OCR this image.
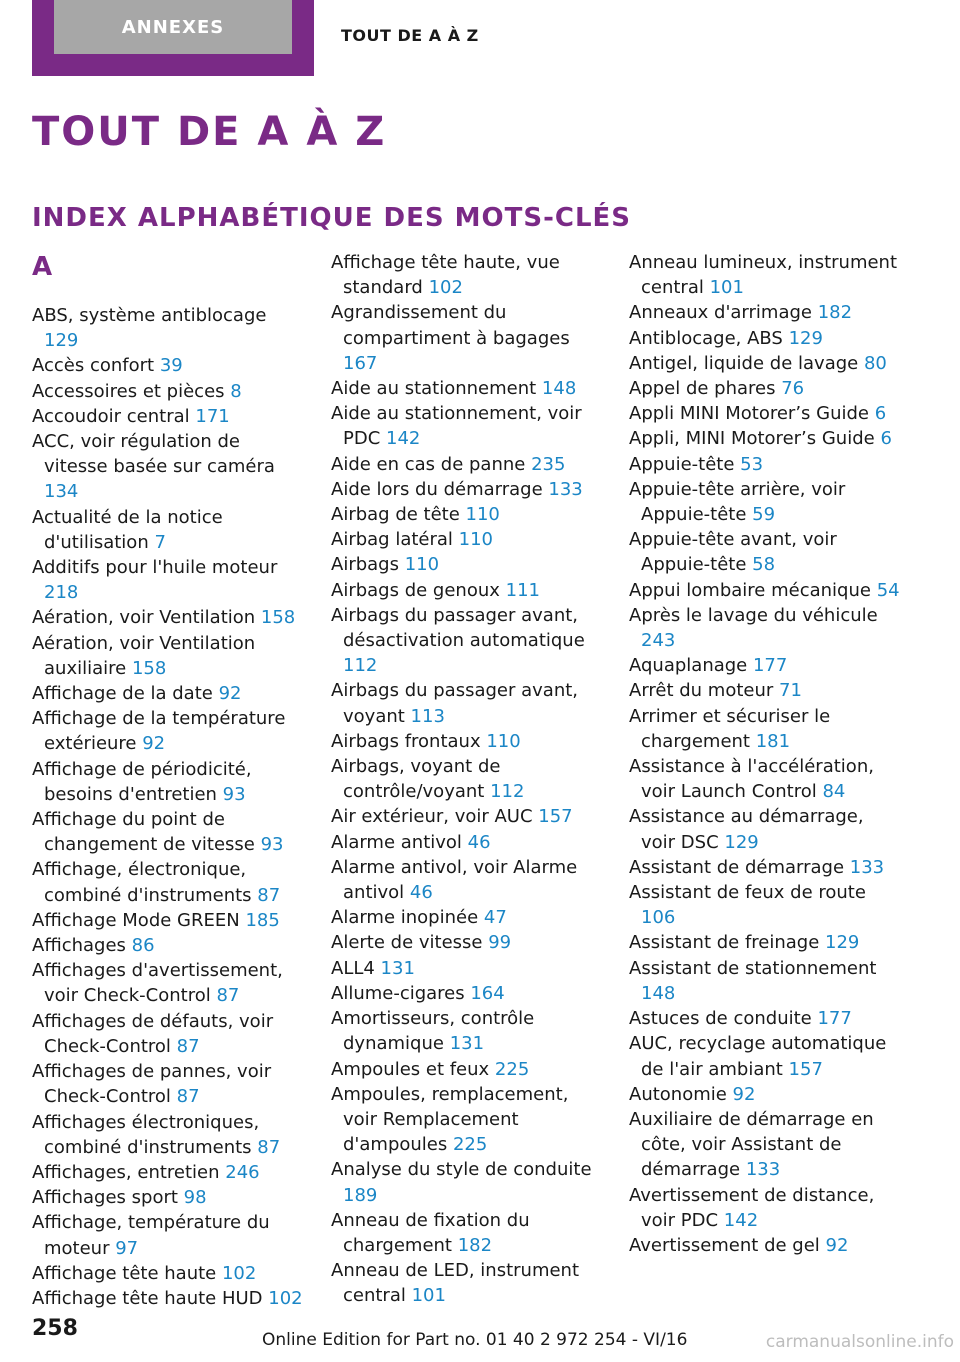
ANNEXES	TOUT DE A À Z
TOUT DE A À Z
INDEX ALPHABÉTIQUE DES MOTS-CLÉS
A
ABS, système antiblocage 129
Accès confort 39
Accessoires et pièces 8
Accoudoir central 171
ACC, voir régulation de vitesse basée sur caméra 134
Actualité de la notice d'utilisation 7
Additifs pour l'huile moteur 218
Aération, voir Ventilation 158
Aération, voir Ventilation auxiliaire 158
Affichage de la date 92
Affichage de la température extérieure 92
Affichage de périodicité, besoins d'entretien 93
Affichage du point de changement de vitesse 93
Affichage, électronique, combiné d'instruments 87
Affichage Mode GREEN 185
Affichages 86
Affichages d'avertissement, voir Check-Control 87
Affichages de défauts, voir Check-Control 87
Affichages de pannes, voir Check-Control 87
Affichages électroniques, combiné d'instruments 87
Affichages, entretien 246
Affichages sport 98
Affichage, température du moteur 97
Affichage tête haute 102
Affichage tête haute HUD 102
Affichage tête haute, vue standard 102
Agrandissement du compartiment à bagages 167
Aide au stationnement 148
Aide au stationnement, voir PDC 142
Aide en cas de panne 235
Aide lors du démarrage 133
Airbag de tête 110
Airbag latéral 110
Airbags 110
Airbags de genoux 111
Airbags du passager avant, désactivation automatique 112
Airbags du passager avant, voyant 113
Airbags frontaux 110
Airbags, voyant de contrôle/voyant 112
Air extérieur, voir AUC 157
Alarme antivol 46
Alarme antivol, voir Alarme antivol 46
Alarme inopinée 47
Alerte de vitesse 99
ALL4 131
Allume-cigares 164
Amortisseurs, contrôle dynamique 131
Ampoules et feux 225
Ampoules, remplacement, voir Remplacement d'ampoules 225
Analyse du style de conduite 189
Anneau de fixation du chargement 182
Anneau de LED, instrument central 101
Anneau lumineux, instrument central 101
Anneaux d'arrimage 182
Antiblocage, ABS 129
Antigel, liquide de lavage 80
Appel de phares 76
Appli MINI Motorer’s Guide 6
Appli, MINI Motorer’s Guide 6
Appuie-tête 53
Appuie-tête arrière, voir Appuie-tête 59
Appuie-tête avant, voir Appuie-tête 58
Appui lombaire mécanique 54
Après le lavage du véhicule 243
Aquaplanage 177
Arrêt du moteur 71
Arrimer et sécuriser le chargement 181
Assistance à l'accélération, voir Launch Control 84
Assistance au démarrage, voir DSC 129
Assistant de démarrage 133
Assistant de feux de route 106
Assistant de freinage 129
Assistant de stationnement 148
Astuces de conduite 177
AUC, recyclage automatique de l'air ambiant 157
Autonomie 92
Auxiliaire de démarrage en côte, voir Assistant de démarrage 133
Avertissement de distance, voir PDC 142
Avertissement de gel 92
258	Online Edition for Part no. 01 40 2 972 254 - VI/16	carmanualsonline.info
